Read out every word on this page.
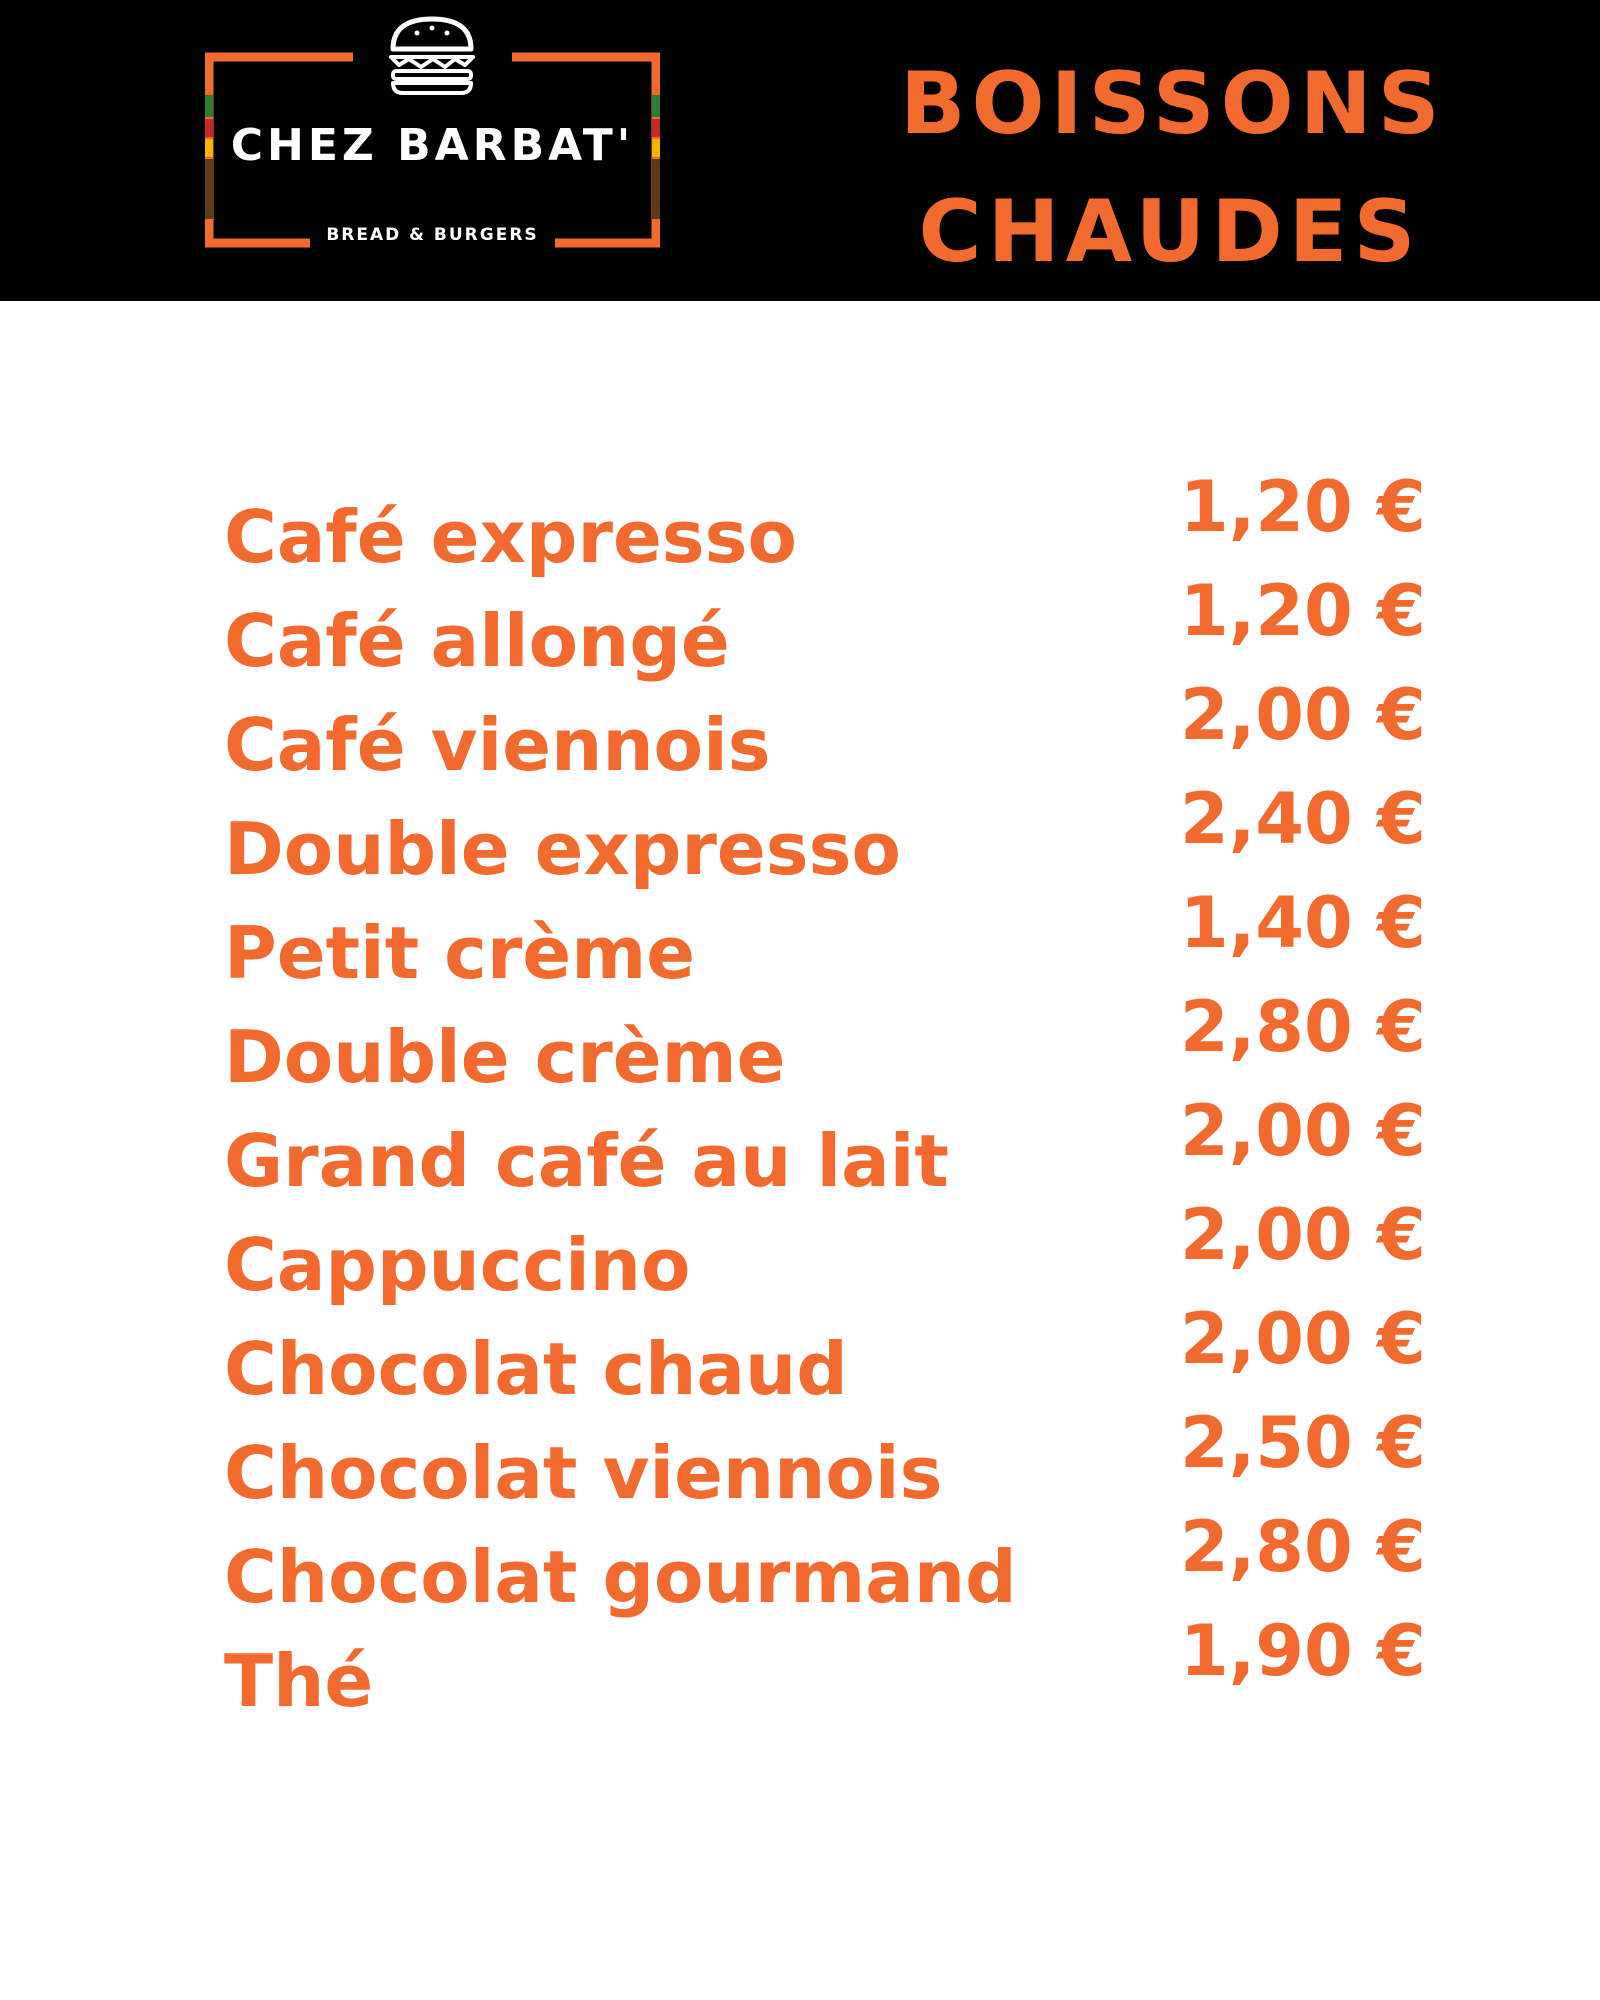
CHEZ BARBAT'
BREAD & BURGERS
BOISSONS
CHAUDES
Café expresso
Café allongé
Café viennois
Double expresso
Petit crème
Double crème
Grand café au lait
Cappuccino
Chocolat chaud
Chocolat viennois
Chocolat gourmand
Thé
1,20 €
1,20 €
2,00 €
2,40 €
1,40 €
2,80 €
2,00 €
2,00 €
2,00 €
2,50 €
2,80 €
1,90 €
